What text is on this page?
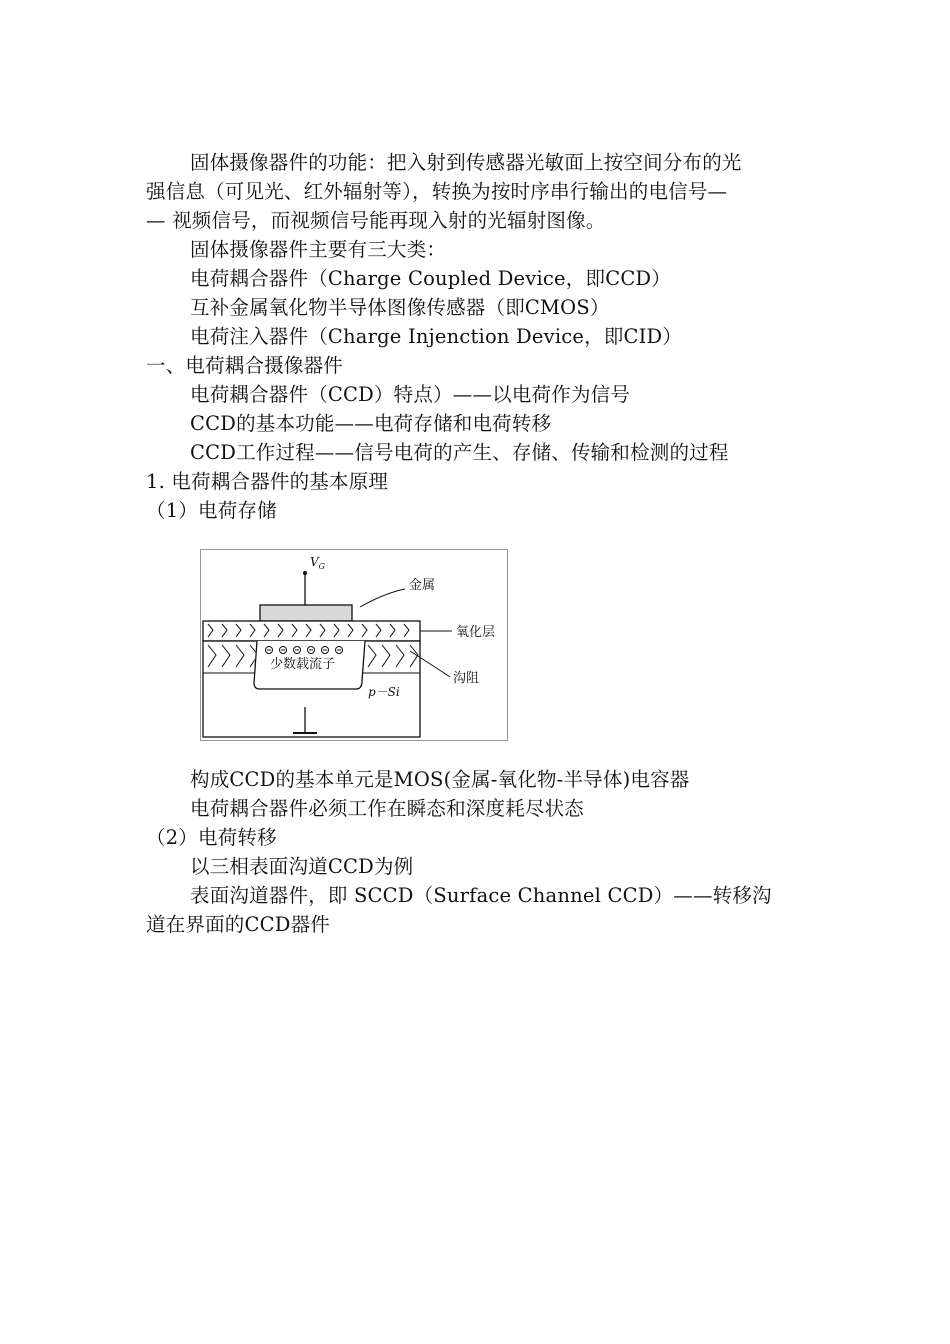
固体摄像器件的功能：把入射到传感器光敏面上按空间分布的光
强信息（可见光、红外辐射等），转换为按时序串行输出的电信号—
— 视频信号，而视频信号能再现入射的光辐射图像。
固体摄像器件主要有三大类：
电荷耦合器件（Charge Coupled Device，即CCD）
互补金属氧化物半导体图像传感器（即CMOS）
电荷注入器件（Charge Injenction Device，即CID）
一、电荷耦合摄像器件
电荷耦合器件（CCD）特点）——以电荷作为信号
CCD的基本功能——电荷存储和电荷转移
CCD工作过程——信号电荷的产生、存储、传输和检测的过程
1. 电荷耦合器件的基本原理
（1）电荷存储
$V_G$
少数载流子
p－Si
金属
氧化层
沟阻
构成CCD的基本单元是MOS(金属-氧化物-半导体)电容器
电荷耦合器件必须工作在瞬态和深度耗尽状态
（2）电荷转移
以三相表面沟道CCD为例
表面沟道器件，即 SCCD（Surface Channel CCD）——转移沟
道在界面的CCD器件
